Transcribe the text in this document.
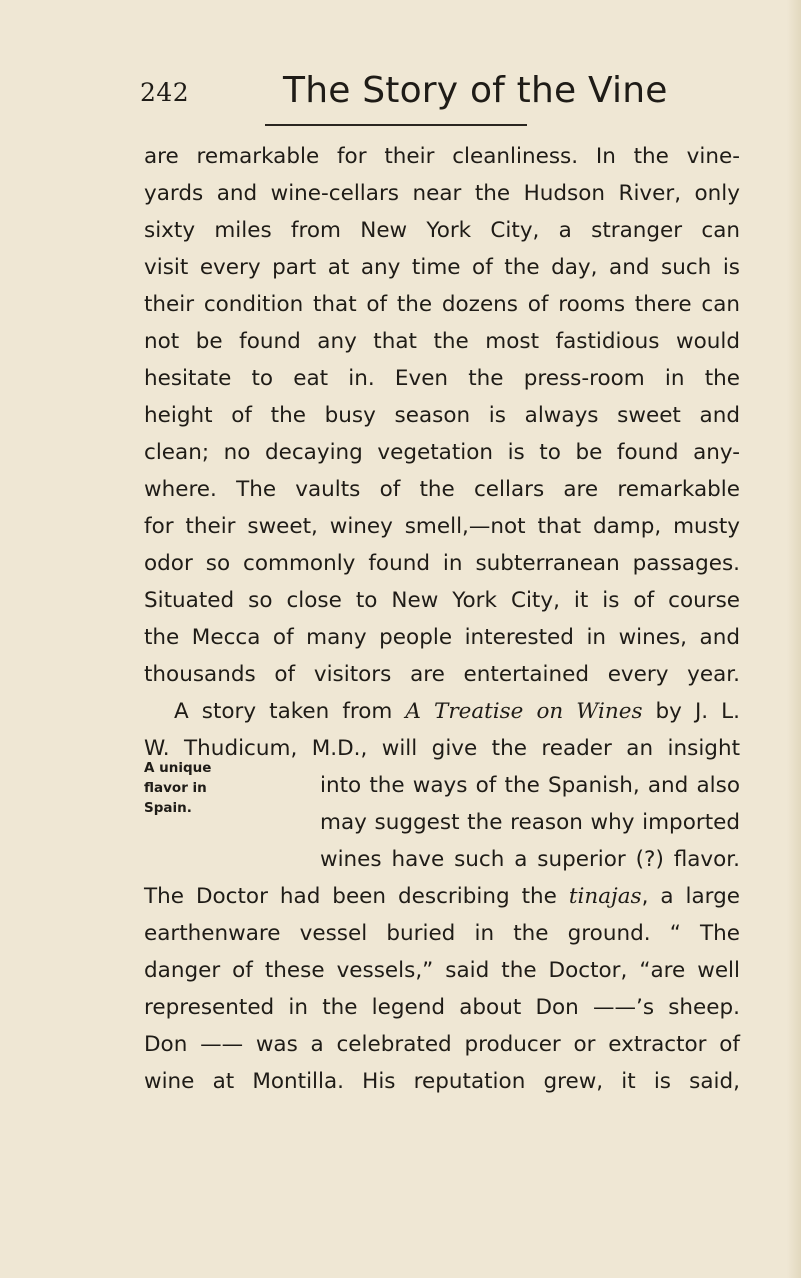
242	The Story of the Vine
A unique
flavor in
Spain.
are remarkable for their cleanliness. In the vine-
yards and wine-cellars near the Hudson River, only
sixty miles from New York City, a stranger can
visit every part at any time of the day, and such is
their condition that of the dozens of rooms there can
not be found any that the most fastidious would
hesitate to eat in. Even the press-room in the
height of the busy season is always sweet and
clean; no decaying vegetation is to be found any-
where. The vaults of the cellars are remarkable
for their sweet, winey smell,—not that damp, musty
odor so commonly found in subterranean passages.
Situated so close to New York City, it is of course
the Mecca of many people interested in wines, and
thousands of visitors are entertained every year.
A story taken from A Treatise on Wines by J. L.
W. Thudicum, M.D., will give the reader an insight
into the ways of the Spanish, and also
may suggest the reason why imported
wines have such a superior (?) flavor.
The Doctor had been describing the tinajas, a large
earthenware vessel buried in the ground. “ The
danger of these vessels,” said the Doctor, “are well
represented in the legend about Don ——’s sheep.
Don —— was a celebrated producer or extractor of
wine at Montilla. His reputation grew, it is said,
